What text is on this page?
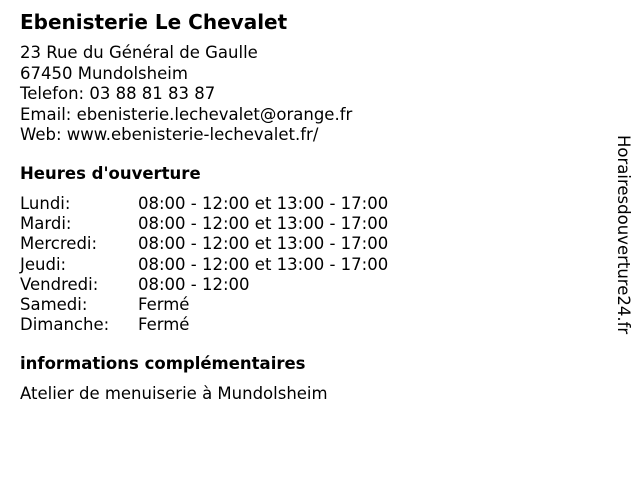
Ebenisterie Le Chevalet
23 Rue du Général de Gaulle
67450 Mundolsheim
Telefon: 03 88 81 83 87
Email: ebenisterie.lechevalet@orange.fr
Web: www.ebenisterie-lechevalet.fr/
Heures d'ouverture
Lundi:	08:00 - 12:00 et 13:00 - 17:00
Mardi:	08:00 - 12:00 et 13:00 - 17:00
Mercredi: 08:00 - 12:00 et 13:00 - 17:00
Jeudi:	08:00 - 12:00 et 13:00 - 17:00
Vendredi: 08:00 - 12:00
Samedi:	Fermé
Dimanche: Fermé
informations complémentaires
Atelier de menuiserie à Mundolsheim
Horairesdouverture24.fr
